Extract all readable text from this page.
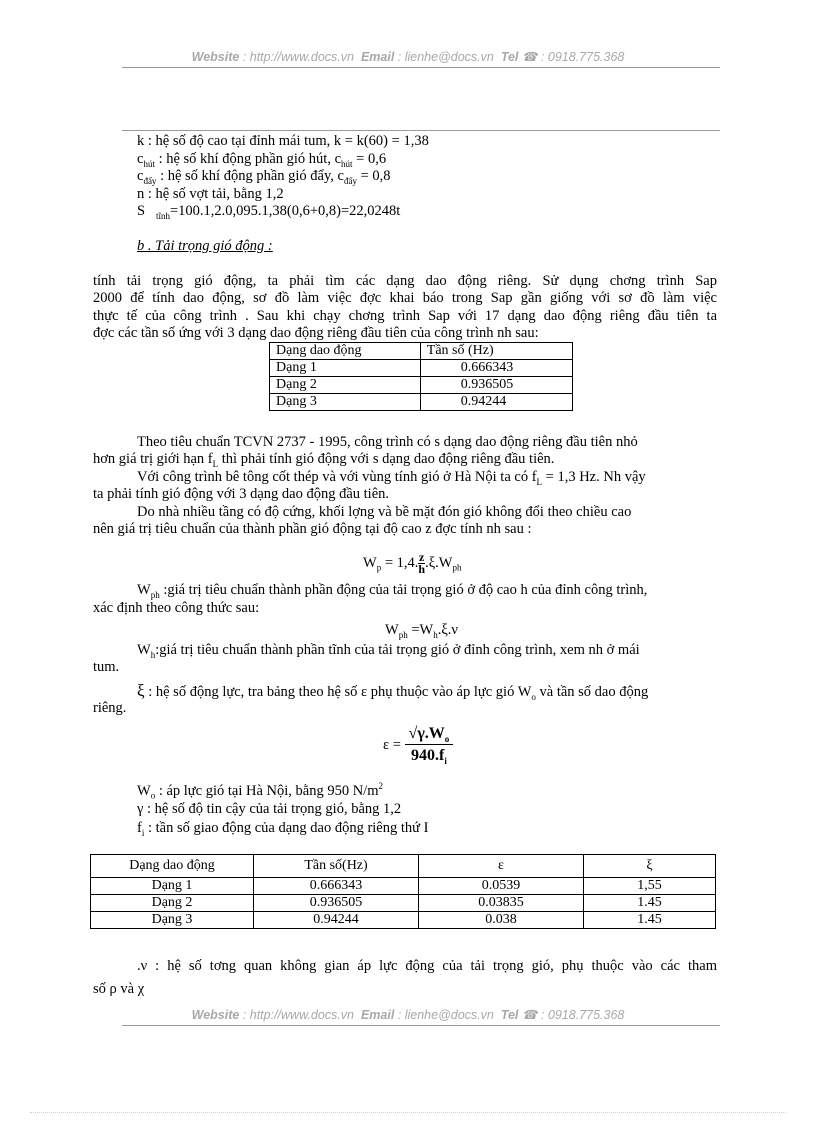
Website : http://www.docs.vn Email : lienhe@docs.vn Tel ☎ : 0918.775.368
k : hệ số độ cao tại đỉnh mái tum, k = k(60) = 1,38
$c_{hút}$ : hệ số khí động phần gió hút, $c_{hút} = 0,6$
$c_{đẩy}$ : hệ số khí động phần gió đẩy, $c_{đẩy} = 0,8$
n : hệ số vợt tải, bằng 1,2
S $_{tĩnh}$=100.1,2.0,095.1,38(0,6+0,8)=22,0248t
b . Tải trọng gió động :
tính tải trọng gió động, ta phải tìm các dạng dao động riêng. Sử dụng chơng trình Sap
2000 để tính dao động, sơ đồ làm việc đợc khai báo trong Sap gần giống với sơ đồ làm việc
thực tế của công trình . Sau khi chạy chơng trình Sap với 17 dạng dao động riêng đầu tiên ta
đợc các tần số ứng với 3 dạng dao động riêng đầu tiên của công trình nh sau:
Dạng dao động	Tần số (Hz)
Dạng 1	0.666343
Dạng 2	0.936505
Dạng 3	0.94244
Theo tiêu chuẩn TCVN 2737 - 1995, công trình có s dạng dao động riêng đầu tiên nhỏ
hơn giá trị giới hạn $f_L$ thì phải tính gió động với s dạng dao động riêng đầu tiên.
Với công trình bê tông cốt thép và với vùng tính gió ở Hà Nội ta có $f_L = 1,3$ Hz. Nh vậy
ta phải tính gió động với 3 dạng dao động đầu tiên.
Do nhà nhiều tầng có độ cứng, khối lợng và bề mặt đón gió không đổi theo chiều cao
nên giá trị tiêu chuẩn của thành phần gió động tại độ cao z đợc tính nh sau :
$W_p = 1,4$. $\frac{z}{h} .\xi.W_{ph}$
$W_{ph}$ :giá trị tiêu chuẩn thành phần động của tải trọng gió ở độ cao h của đỉnh công trình,
xác định theo công thức sau:
$W_{ph} =W_h.\xi.\nu$
$W_h:giá$ trị tiêu chuẩn thành phần tĩnh của tải trọng gió ở đỉnh công trình, xem nh ở mái
tum.
ξ : hệ số động lực, tra bảng theo hệ số ε phụ thuộc vào áp lực gió $W_o$ và tần số dao động
riêng.
$\varepsilon = \frac{√\gamma.W_o}{940.f_i}$
$W_o$ : áp lực gió tại Hà Nội, bằng 950 $N/m^2$
γ : hệ số độ tin cậy của tải trọng gió, bằng 1,2
$f_i$ : tần số giao động của dạng dao động riêng thứ I
Dạng dao động	Tần số(Hz)	ε	ξ
Dạng 1	0.666343	0.0539	1,55
Dạng 2	0.936505	0.03835	1.45
Dạng 3	0.94244	0.038	1.45
.ν : hệ số tơng quan không gian áp lực động của tải trọng gió, phụ thuộc vào các tham
số ρ và χ
Website : http://www.docs.vn Email : lienhe@docs.vn Tel ☎ : 0918.775.368
